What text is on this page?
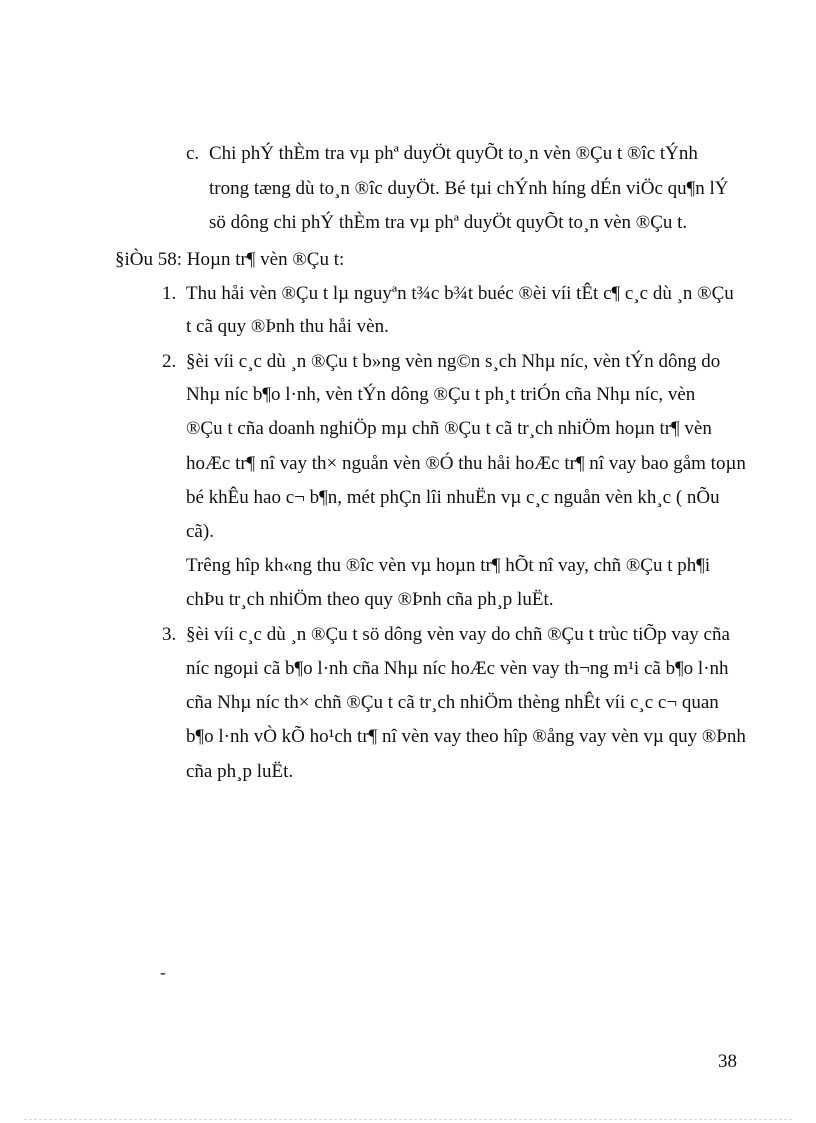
c. Chi phÝ thÈm tra vµ phª duyÖt quyÕt to¸n vèn ®Çu t ®îc tÝnh
trong tæng dù to¸n ®îc duyÖt. Bé tµi chÝnh híng dÉn viÖc qu¶n lÝ
sö dông chi phÝ thÈm tra vµ phª duyÖt quyÕt to¸n vèn ®Çu t.
§iÒu 58: Hoµn tr¶ vèn ®Çu t:
1. Thu håi vèn ®Çu t lµ nguyªn t¾c b¾t buéc ®èi víi tÊt c¶ c¸c dù ¸n ®Çu
t cã quy ®Þnh thu håi vèn.
2. §èi víi c¸c dù ¸n ®Çu t b»ng vèn ng©n s¸ch Nhµ níc, vèn tÝn dông do
Nhµ níc b¶o l·nh, vèn tÝn dông ®Çu t ph¸t triÓn cña Nhµ níc, vèn
®Çu t cña doanh nghiÖp mµ chñ ®Çu t cã tr¸ch nhiÖm hoµn tr¶ vèn
hoÆc tr¶ nî vay th× nguån vèn ®Ó thu håi hoÆc tr¶ nî vay bao gåm toµn
bé khÊu hao c¬ b¶n, mét phÇn lîi nhuËn vµ c¸c nguån vèn kh¸c ( nÕu
cã).
Trêng hîp kh«ng thu ®îc vèn vµ hoµn tr¶ hÕt nî vay, chñ ®Çu t ph¶i
chÞu tr¸ch nhiÖm theo quy ®Þnh cña ph¸p luËt.
3. §èi víi c¸c dù ¸n ®Çu t sö dông vèn vay do chñ ®Çu t trùc tiÕp vay cña
níc ngoµi cã b¶o l·nh cña Nhµ níc hoÆc vèn vay th¬ng m¹i cã b¶o l·nh
cña Nhµ níc th× chñ ®Çu t cã tr¸ch nhiÖm thèng nhÊt víi c¸c c¬ quan
b¶o l·nh vÒ kÕ ho¹ch tr¶ nî vèn vay theo hîp ®ång vay vèn vµ quy ®Þnh
cña ph¸p luËt.
-
38
